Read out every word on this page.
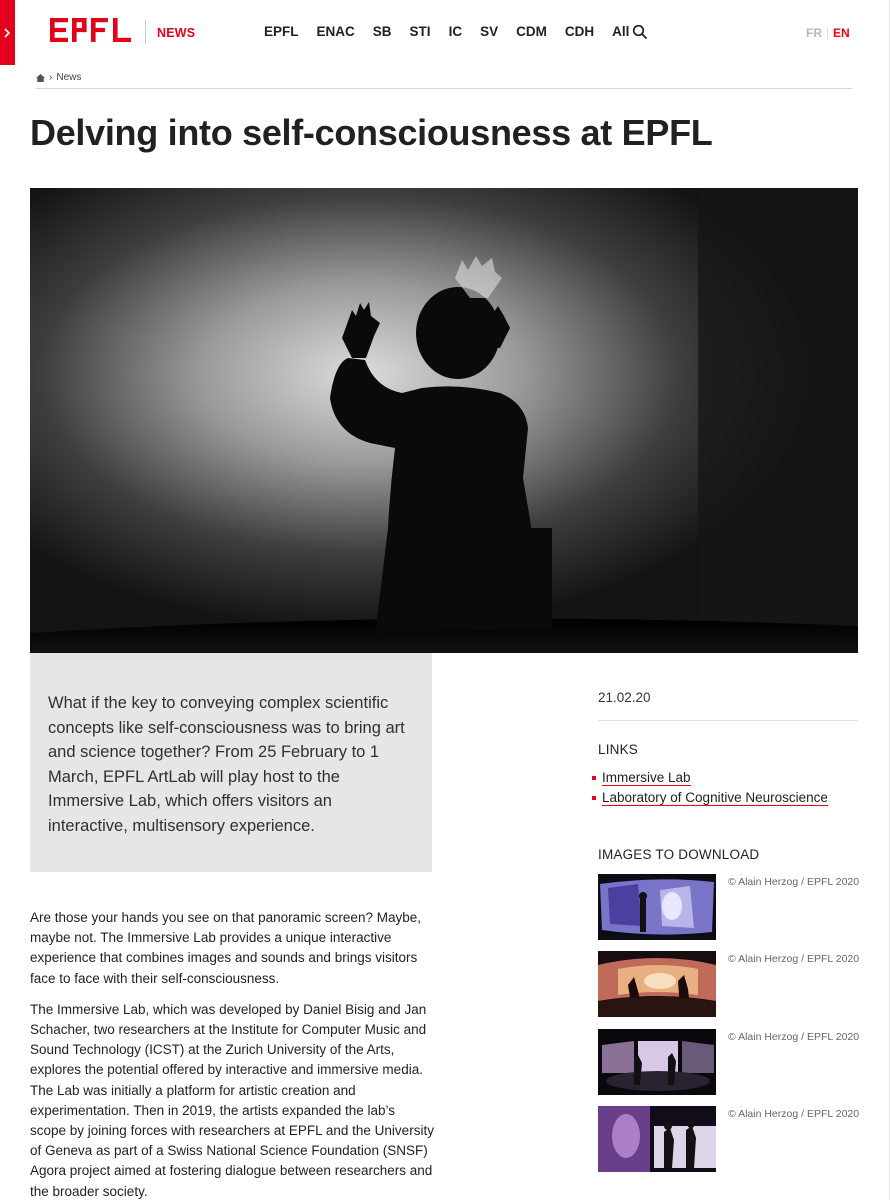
NEWS	EPFL ENAC SB STI IC SV CDM CDH All	FR EN
› News
Delving into self-consciousness at EPFL

What if the key to conveying complex scientific concepts like self-consciousness was to bring art and science together? From 25 February to 1 March, EPFL ArtLab will play host to the Immersive Lab, which offers visitors an interactive, multisensory experience.

Are those your hands you see on that panoramic screen? Maybe, maybe not. The Immersive Lab provides a unique interactive experience that combines images and sounds and brings visitors face to face with their self-consciousness.

The Immersive Lab, which was developed by Daniel Bisig and Jan Schacher, two researchers at the Institute for Computer Music and Sound Technology (ICST) at the Zurich University of the Arts, explores the potential offered by interactive and immersive media. The Lab was initially a platform for artistic creation and experimentation. Then in 2019, the artists expanded the lab’s scope by joining forces with researchers at EPFL and the University of Geneva as part of a Swiss National Science Foundation (SNSF) Agora project aimed at fostering dialogue between researchers and the broader society.

21.02.20
LINKS
Immersive Lab
Laboratory of Cognitive Neuroscience
IMAGES TO DOWNLOAD
© Alain Herzog / EPFL 2020
© Alain Herzog / EPFL 2020
© Alain Herzog / EPFL 2020
© Alain Herzog / EPFL 2020
